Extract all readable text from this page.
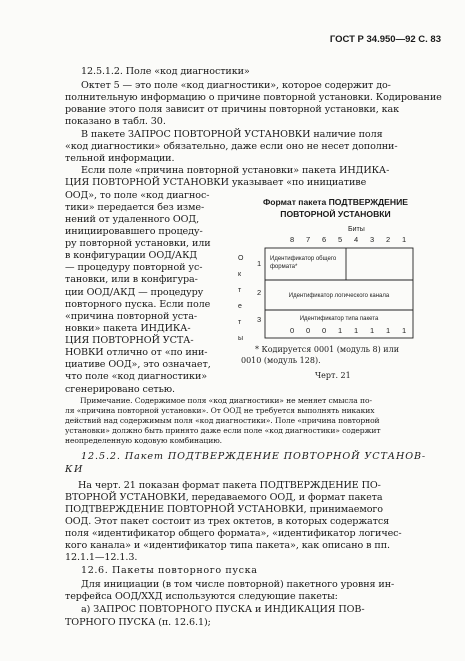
ГОСТ Р 34.950—92 С. 83
12.5.1.2. Поле «код диагностики»
Октет 5 — это поле «код диагностики», которое содержит до-
полнительную информацию о причине повторной установки. Кодированиe
рование этого поля зависит от причины повторной установки, как
показано в табл. 30.
В пакете ЗАПРОС ПОВТОРНОЙ УСТАНОВКИ наличие поля
«код диагностики» обязательно, даже если оно не несет дополни-
тельной информации.
Если поле «причина повторной установки» пакета ИНДИКА-
ЦИЯ ПОВТОРНОЙ УСТАНОВКИ указывает «по инициативе
ООД», то поле «код диагнос-
тики» передается без изме-
нений от удаленного ООД,
инициировавшего процеду-
ру повторной установки, или
в конфигурации ООД/АКД
— процедуру повторной ус-
тановки, или в конфигура-
ции ООД/АКД — процедуру
повторного пуска. Если поле
«причина повторной уста-
новки» пакета ИНДИКА-
ЦИЯ ПОВТОРНОЙ УСТА-
НОВКИ отлично от «по ини-
циативе ООД», это означает,
что поле «код диагностики»
сгенерировано сетью.
Формат пакета ПОДТВЕРЖДЕНИЕ
ПОВТОРНОЙ УСТАНОВКИ
Биты
8 7 6 5 4 3 2 1
О
к
т
е
т
ы
1
2
3
Идентификатор общего
формата*
Идентификатор логического канала
Идентификатор типа пакета
0 0 0 1 1 1 1 1
* Кодируется 0001 (модуль 8) или
0010 (модуль 128).
Черт. 21
Примечание. Содержимое поля «код диагностики» не меняет смысла по-
ля «причина повторной установки». От ООД не требуется выполнять никаких
действий над содержимым поля «код диагностики». Поле «причина повторной
установки» должно быть принято даже если поле «код диагностики» содержит
неопределенную кодовую комбинацию.
12.5.2. Пакет ПОДТВЕРЖДЕНИЕ ПОВТОРНОЙ УСТАНОВ-
КИ
На черт. 21 показан формат пакета ПОДТВЕРЖДЕНИЕ ПО-
ВТОРНОЙ УСТАНОВКИ, передаваемого ООД, и формат пакета
ПОДТВЕРЖДЕНИЕ ПОВТОРНОЙ УСТАНОВКИ, принимаемого
ООД. Этот пакет состоит из трех октетов, в которых содержатся
поля «идентификатор общего формата», «идентификатор логичес-
кого канала» и «идентификатор типа пакета», как описано в пп.
12.1.1—12.1.3.
12.6. Пакеты повторного пуска
Для инициации (в том числе повторной) пакетного уровня ин-
терфейса ООД/ХХД используются следующие пакеты:
а) ЗАПРОС ПОВТОРНОГО ПУСКА и ИНДИКАЦИЯ ПОВ-
ТОРНОГО ПУСКА (п. 12.6.1);
